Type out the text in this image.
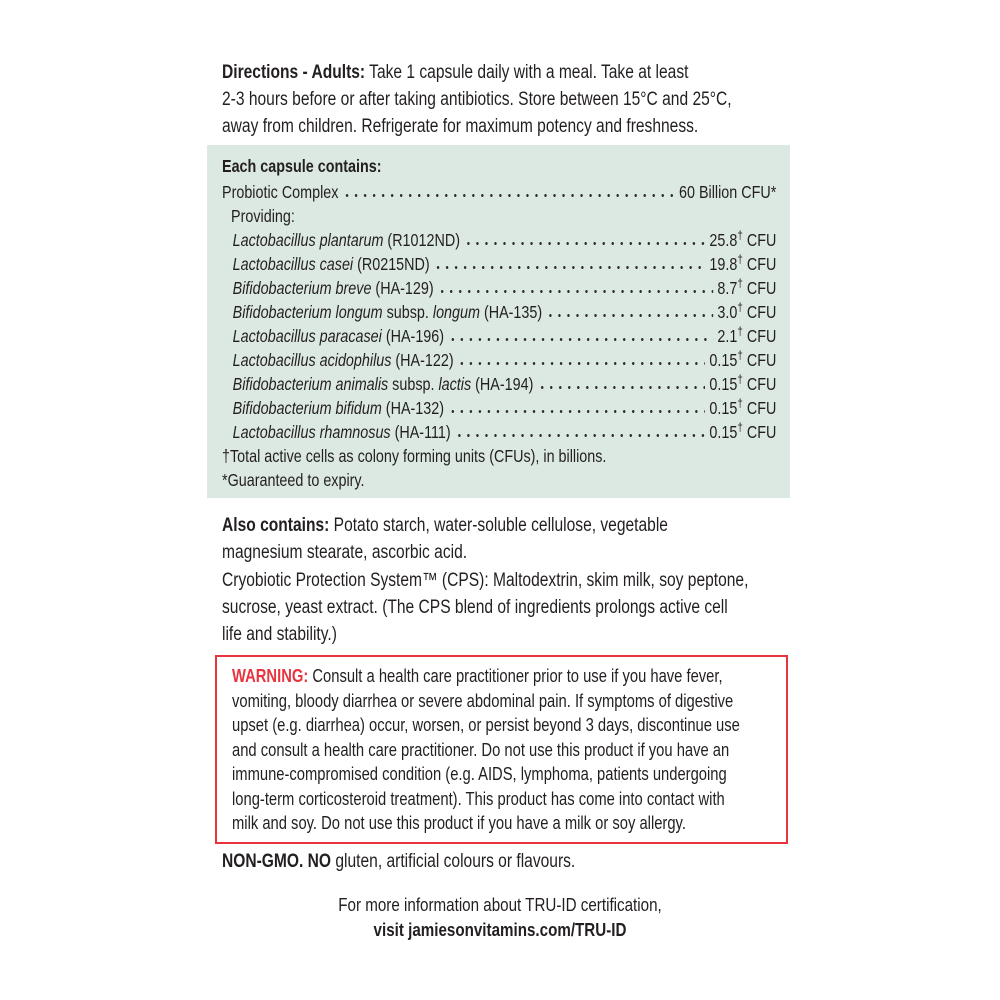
Directions - Adults: Take 1 capsule daily with a meal. Take at least
2-3 hours before or after taking antibiotics. Store between 15°C and 25°C,
away from children. Refrigerate for maximum potency and freshness.
Each capsule contains:
Probiotic Complex	60 Billion CFU*
Providing:
Lactobacillus plantarum (R1012ND)	25.8† CFU
Lactobacillus casei (R0215ND)	19.8† CFU
Bifidobacterium breve (HA-129)	8.7† CFU
Bifidobacterium longum subsp. longum (HA-135)	3.0† CFU
Lactobacillus paracasei (HA-196)	2.1† CFU
Lactobacillus acidophilus (HA-122)	0.15† CFU
Bifidobacterium animalis subsp. lactis (HA-194)	0.15† CFU
Bifidobacterium bifidum (HA-132)	0.15† CFU
Lactobacillus rhamnosus (HA-111)	0.15† CFU
†Total active cells as colony forming units (CFUs), in billions.
*Guaranteed to expiry.
Also contains: Potato starch, water-soluble cellulose, vegetable
magnesium stearate, ascorbic acid.
Cryobiotic Protection System™ (CPS): Maltodextrin, skim milk, soy peptone,
sucrose, yeast extract. (The CPS blend of ingredients prolongs active cell
life and stability.)
WARNING: Consult a health care practitioner prior to use if you have fever,
vomiting, bloody diarrhea or severe abdominal pain. If symptoms of digestive
upset (e.g. diarrhea) occur, worsen, or persist beyond 3 days, discontinue use
and consult a health care practitioner. Do not use this product if you have an
immune-compromised condition (e.g. AIDS, lymphoma, patients undergoing
long-term corticosteroid treatment). This product has come into contact with
milk and soy. Do not use this product if you have a milk or soy allergy.
NON-GMO. NO gluten, artificial colours or flavours.
For more information about TRU-ID certification,
visit jamiesonvitamins.com/TRU-ID
